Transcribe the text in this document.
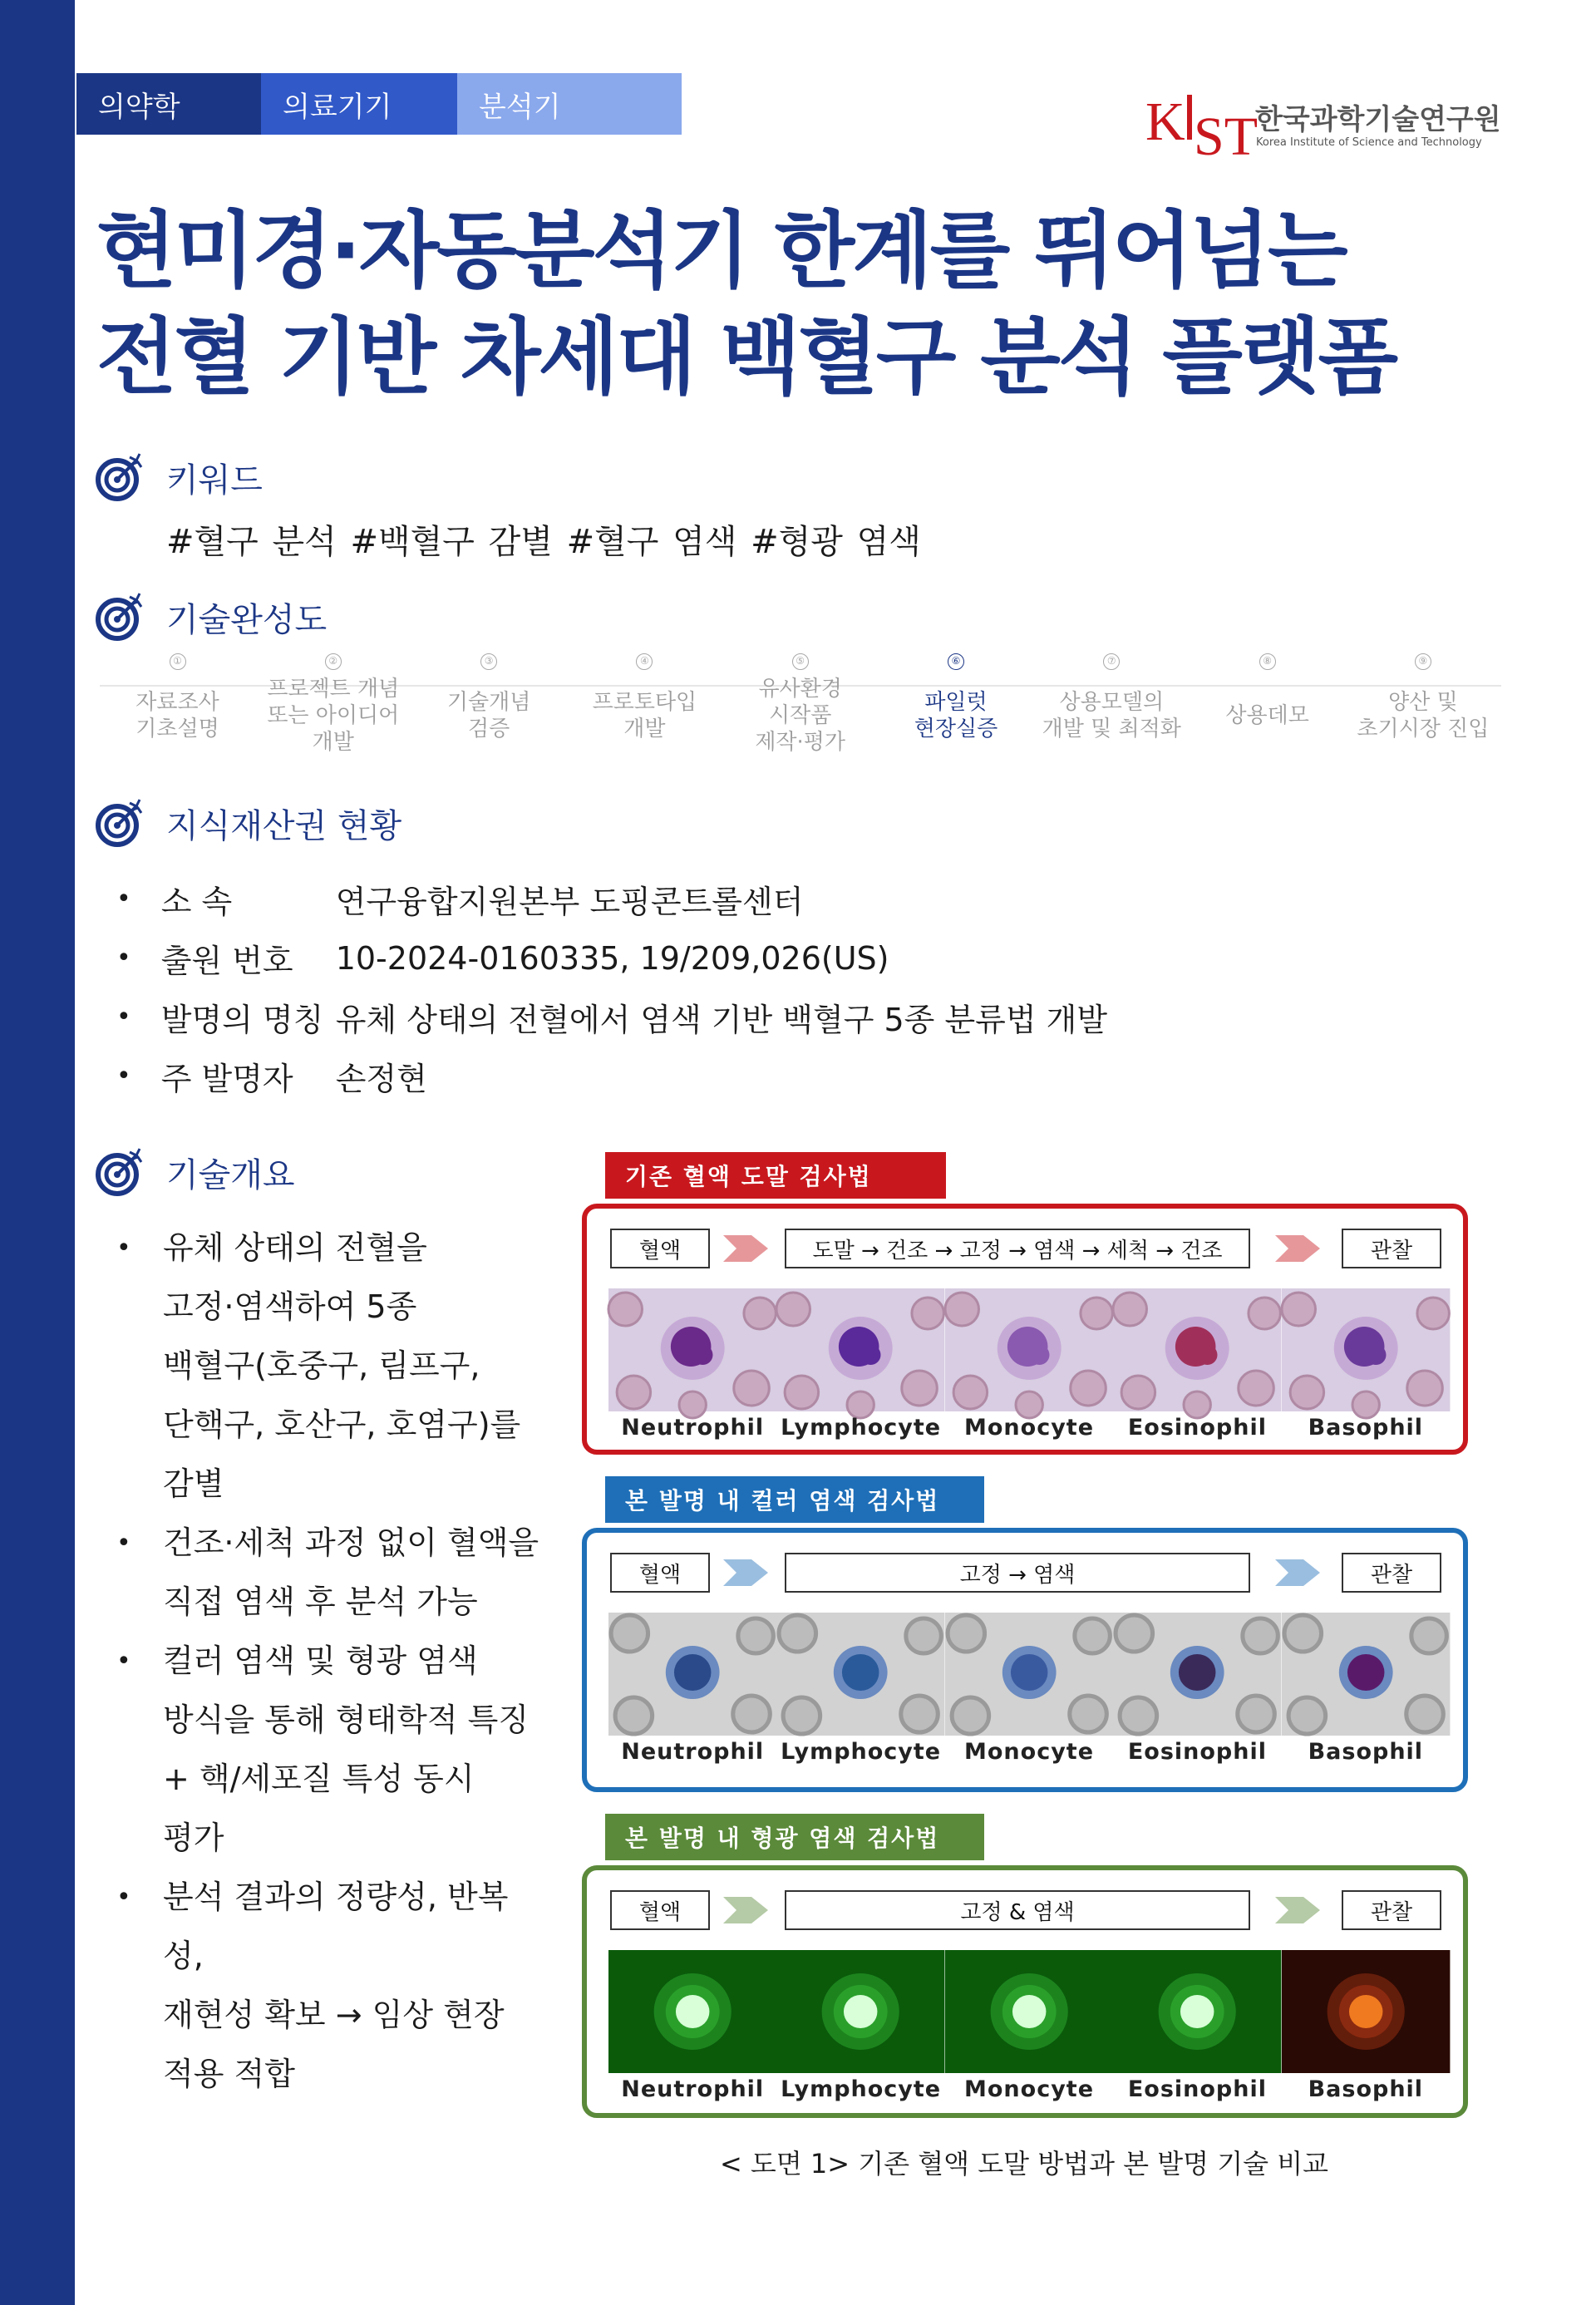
의약학	의료기기	분석기	K ST
한국과학기술연구원
Korea Institute of Science and Technology
현미경·자동분석기 한계를 뛰어넘는
전혈 기반 차세대 백혈구 분석 플랫폼
키워드
#혈구 분석 #백혈구 감별 #혈구 염색 #형광 염색
기술완성도
①
자료조사
기초설명
②
프로젝트 개념
또는 아이디어
개발
③
기술개념
검증
④
프로토타입
개발
⑤
유사환경
시작품
제작·평가
⑥
파일럿
현장실증
⑦
상용모델의
개발 및 최적화
⑧
상용데모
⑨
양산 및
초기시장 진입
지식재산권 현황
• 소 속	연구융합지원본부 도핑콘트롤센터
• 출원 번호	10-2024-0160335, 19/209,026(US)
• 발명의 명칭 유체 상태의 전혈에서 염색 기반 백혈구 5종 분류법 개발
• 주 발명자	손정현
기술개요
• 유체 상태의 전혈을
고정·염색하여 5종
백혈구(호중구, 림프구,
단핵구, 호산구, 호염구)를
감별
• 건조·세척 과정 없이 혈액을
직접 염색 후 분석 가능
• 컬러 염색 및 형광 염색
방식을 통해 형태학적 특징
+ 핵/세포질 특성 동시
평가
• 분석 결과의 정량성, 반복성,
재현성 확보 → 임상 현장
적용 적합
기존 혈액 도말 검사법
혈액	도말 → 건조 → 고정 → 염색 → 세척 → 건조	관찰
Neutrophil Lymphocyte	Monocyte	Eosinophil	Basophil
본 발명 내 컬러 염색 검사법
혈액	고정 → 염색	관찰
Neutrophil Lymphocyte	Monocyte	Eosinophil	Basophil
본 발명 내 형광 염색 검사법
혈액	고정 & 염색	관찰
Neutrophil Lymphocyte	Monocyte	Eosinophil	Basophil
< 도면 1> 기존 혈액 도말 방법과 본 발명 기술 비교
